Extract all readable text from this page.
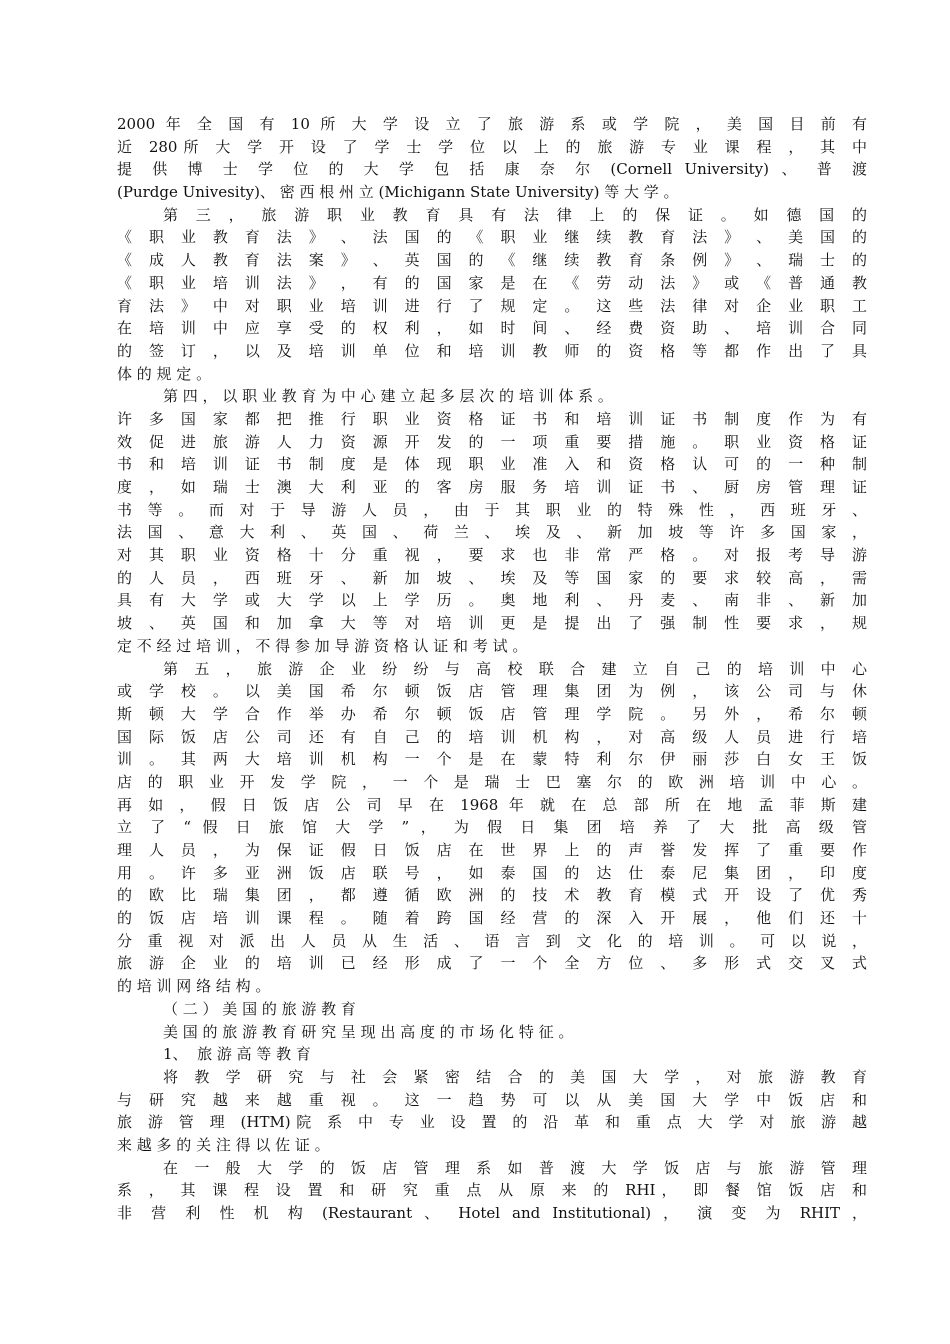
2000 年 全 国 有 10 所 大 学 设 立 了 旅 游 系 或 学 院 ， 美 国 目 前 有
近 280所 大 学 开 设 了 学 士 学 位 以 上 的 旅 游 专 业 课 程 ， 其 中
提 供 博 士 学 位 的 大 学 包 括 康 奈 尔 (Cornell University) 、 普 渡
(Purdge Univesity)、 密 西 根 州 立 (Michigann State University) 等 大 学 。
第 三 ， 旅 游 职 业 教 育 具 有 法 律 上 的 保 证 。 如 德 国 的
《 职 业 教 育 法 》 、 法 国 的 《 职 业 继 续 教 育 法 》 、 美 国 的
《 成 人 教 育 法 案 》 、 英 国 的 《 继 续 教 育 条 例 》 、 瑞 士 的
《 职 业 培 训 法 》 ， 有 的 国 家 是 在 《 劳 动 法 》 或 《 普 通 教
育 法 》 中 对 职 业 培 训 进 行 了 规 定 。 这 些 法 律 对 企 业 职 工
在 培 训 中 应 享 受 的 权 利 ， 如 时 间 、 经 费 资 助 、 培 训 合 同
的 签 订 ， 以 及 培 训 单 位 和 培 训 教 师 的 资 格 等 都 作 出 了 具
体 的 规 定 。
第 四 ， 以 职 业 教 育 为 中 心 建 立 起 多 层 次 的 培 训 体 系 。
许 多 国 家 都 把 推 行 职 业 资 格 证 书 和 培 训 证 书 制 度 作 为 有
效 促 进 旅 游 人 力 资 源 开 发 的 一 项 重 要 措 施 。 职 业 资 格 证
书 和 培 训 证 书 制 度 是 体 现 职 业 准 入 和 资 格 认 可 的 一 种 制
度 ， 如 瑞 士 澳 大 利 亚 的 客 房 服 务 培 训 证 书 、 厨 房 管 理 证
书 等 。 而 对 于 导 游 人 员 ， 由 于 其 职 业 的 特 殊 性 ， 西 班 牙 、
法 国 、 意 大 利 、 英 国 、 荷 兰 、 埃 及 、 新 加 坡 等 许 多 国 家 ，
对 其 职 业 资 格 十 分 重 视 ， 要 求 也 非 常 严 格 。 对 报 考 导 游
的 人 员 ， 西 班 牙 、 新 加 坡 、 埃 及 等 国 家 的 要 求 较 高 ， 需
具 有 大 学 或 大 学 以 上 学 历 。 奥 地 利 、 丹 麦 、 南 非 、 新 加
坡 、 英 国 和 加 拿 大 等 对 培 训 更 是 提 出 了 强 制 性 要 求 ， 规
定 不 经 过 培 训 ， 不 得 参 加 导 游 资 格 认 证 和 考 试 。
第 五 ， 旅 游 企 业 纷 纷 与 高 校 联 合 建 立 自 己 的 培 训 中 心
或 学 校 。 以 美 国 希 尔 顿 饭 店 管 理 集 团 为 例 ， 该 公 司 与 休
斯 顿 大 学 合 作 举 办 希 尔 顿 饭 店 管 理 学 院 。 另 外 ， 希 尔 顿
国 际 饭 店 公 司 还 有 自 己 的 培 训 机 构 ， 对 高 级 人 员 进 行 培
训 。 其 两 大 培 训 机 构 一 个 是 在 蒙 特 利 尔 伊 丽 莎 白 女 王 饭
店 的 职 业 开 发 学 院 ， 一 个 是 瑞 士 巴 塞 尔 的 欧 洲 培 训 中 心 。
再 如 ， 假 日 饭 店 公 司 早 在 1968 年 就 在 总 部 所 在 地 孟 菲 斯 建
立 了 “ 假 日 旅 馆 大 学 ” ， 为 假 日 集 团 培 养 了 大 批 高 级 管
理 人 员 ， 为 保 证 假 日 饭 店 在 世 界 上 的 声 誉 发 挥 了 重 要 作
用 。 许 多 亚 洲 饭 店 联 号 ， 如 泰 国 的 达 仕 泰 尼 集 团 ， 印 度
的 欧 比 瑞 集 团 ， 都 遵 循 欧 洲 的 技 术 教 育 模 式 开 设 了 优 秀
的 饭 店 培 训 课 程 。 随 着 跨 国 经 营 的 深 入 开 展 ， 他 们 还 十
分 重 视 对 派 出 人 员 从 生 活 、 语 言 到 文 化 的 培 训 。 可 以 说 ，
旅 游 企 业 的 培 训 已 经 形 成 了 一 个 全 方 位 、 多 形 式 交 叉 式
的 培 训 网 络 结 构 。
（ 二 ） 美 国 的 旅 游 教 育
美 国 的 旅 游 教 育 研 究 呈 现 出 高 度 的 市 场 化 特 征 。
1、  旅 游 高 等 教 育
将 教 学 研 究 与 社 会 紧 密 结 合 的 美 国 大 学 ， 对 旅 游 教 育
与 研 究 越 来 越 重 视 。 这 一 趋 势 可 以 从 美 国 大 学 中 饭 店 和
旅 游 管 理 (HTM)院 系 中 专 业 设 置 的 沿 革 和 重 点 大 学 对 旅 游 越
来 越 多 的 关 注 得 以 佐 证 。
在 一 般 大 学 的 饭 店 管 理 系 如 普 渡 大 学 饭 店 与 旅 游 管 理
系 ， 其 课 程 设 置 和 研 究 重 点 从 原 来 的 RHI， 即 餐 馆 饭 店 和
非 营 利 性 机 构 (Restaurant 、 Hotel and Institutional) ， 演 变 为 RHIT ，
